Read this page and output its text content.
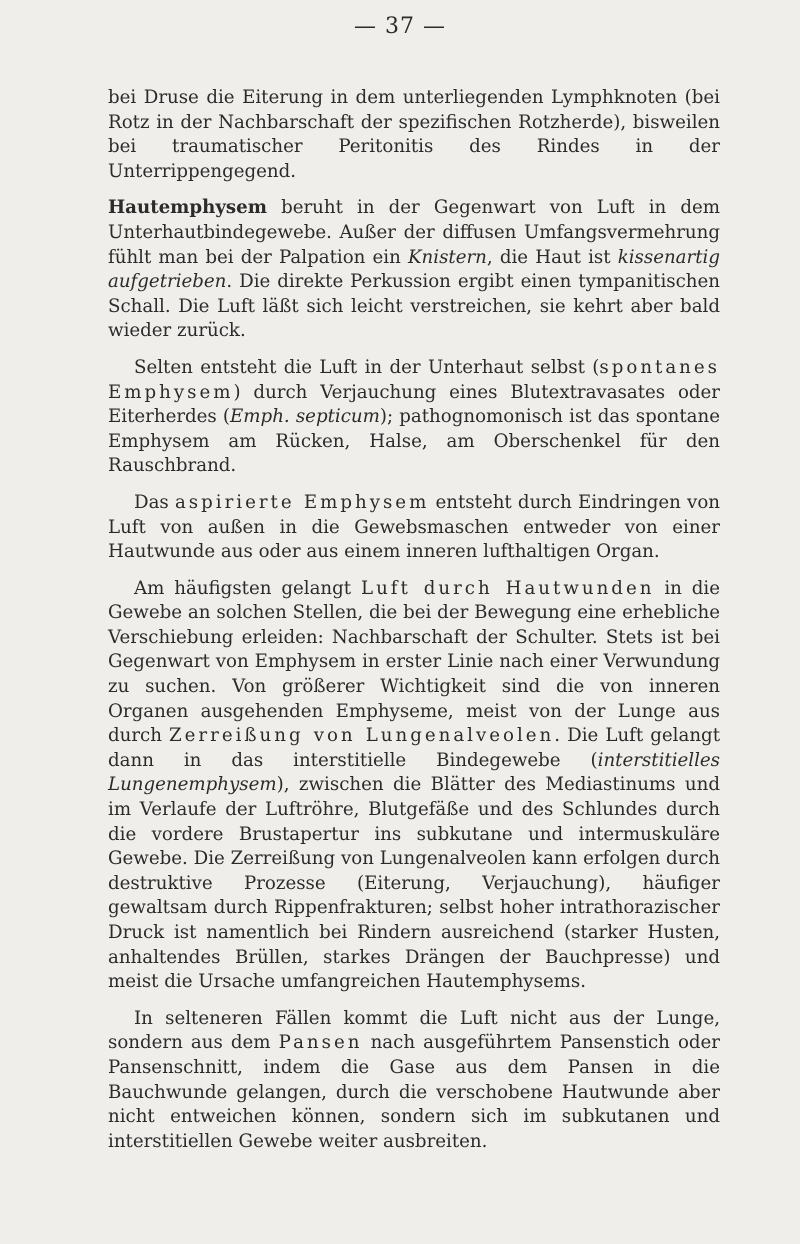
— 37 —

bei Druse die Eiterung in dem unterliegenden Lymphknoten (bei Rotz in der Nachbarschaft der spezifischen Rotzherde), bisweilen bei traumatischer Peritonitis des Rindes in der Unterrippengegend.

Hautemphysem beruht in der Gegenwart von Luft in dem Unterhautbindegewebe. Außer der diffusen Umfangsvermehrung fühlt man bei der Palpation ein Knistern, die Haut ist kissenartig aufgetrieben. Die direkte Perkussion ergibt einen tympanitischen Schall. Die Luft läßt sich leicht verstreichen, sie kehrt aber bald wieder zurück.

Selten entsteht die Luft in der Unterhaut selbst (spontanes Emphysem) durch Verjauchung eines Blutextravasates oder Eiterherdes (Emph. septicum); pathognomonisch ist das spontane Emphysem am Rücken, Halse, am Oberschenkel für den Rauschbrand.

Das aspirierte Emphysem entsteht durch Eindringen von Luft von außen in die Gewebsmaschen entweder von einer Hautwunde aus oder aus einem inneren lufthaltigen Organ.

Am häufigsten gelangt Luft durch Hautwunden in die Gewebe an solchen Stellen, die bei der Bewegung eine erhebliche Verschiebung erleiden: Nachbarschaft der Schulter. Stets ist bei Gegenwart von Emphysem in erster Linie nach einer Verwundung zu suchen. Von größerer Wichtigkeit sind die von inneren Organen ausgehenden Emphyseme, meist von der Lunge aus durch Zerreißung von Lungenalveolen. Die Luft gelangt dann in das interstitielle Bindegewebe (interstitielles Lungenemphysem), zwischen die Blätter des Mediastinums und im Verlaufe der Luftröhre, Blutgefäße und des Schlundes durch die vordere Brustapertur ins subkutane und intermuskuläre Gewebe. Die Zerreißung von Lungenalveolen kann erfolgen durch destruktive Prozesse (Eiterung, Verjauchung), häufiger gewaltsam durch Rippenfrakturen; selbst hoher intrathorazischer Druck ist namentlich bei Rindern ausreichend (starker Husten, anhaltendes Brüllen, starkes Drängen der Bauchpresse) und meist die Ursache umfangreichen Hautemphysems.

In selteneren Fällen kommt die Luft nicht aus der Lunge, sondern aus dem Pansen nach ausgeführtem Pansenstich oder Pansenschnitt, indem die Gase aus dem Pansen in die Bauchwunde gelangen, durch die verschobene Hautwunde aber nicht entweichen können, sondern sich im subkutanen und interstitiellen Gewebe weiter ausbreiten.
